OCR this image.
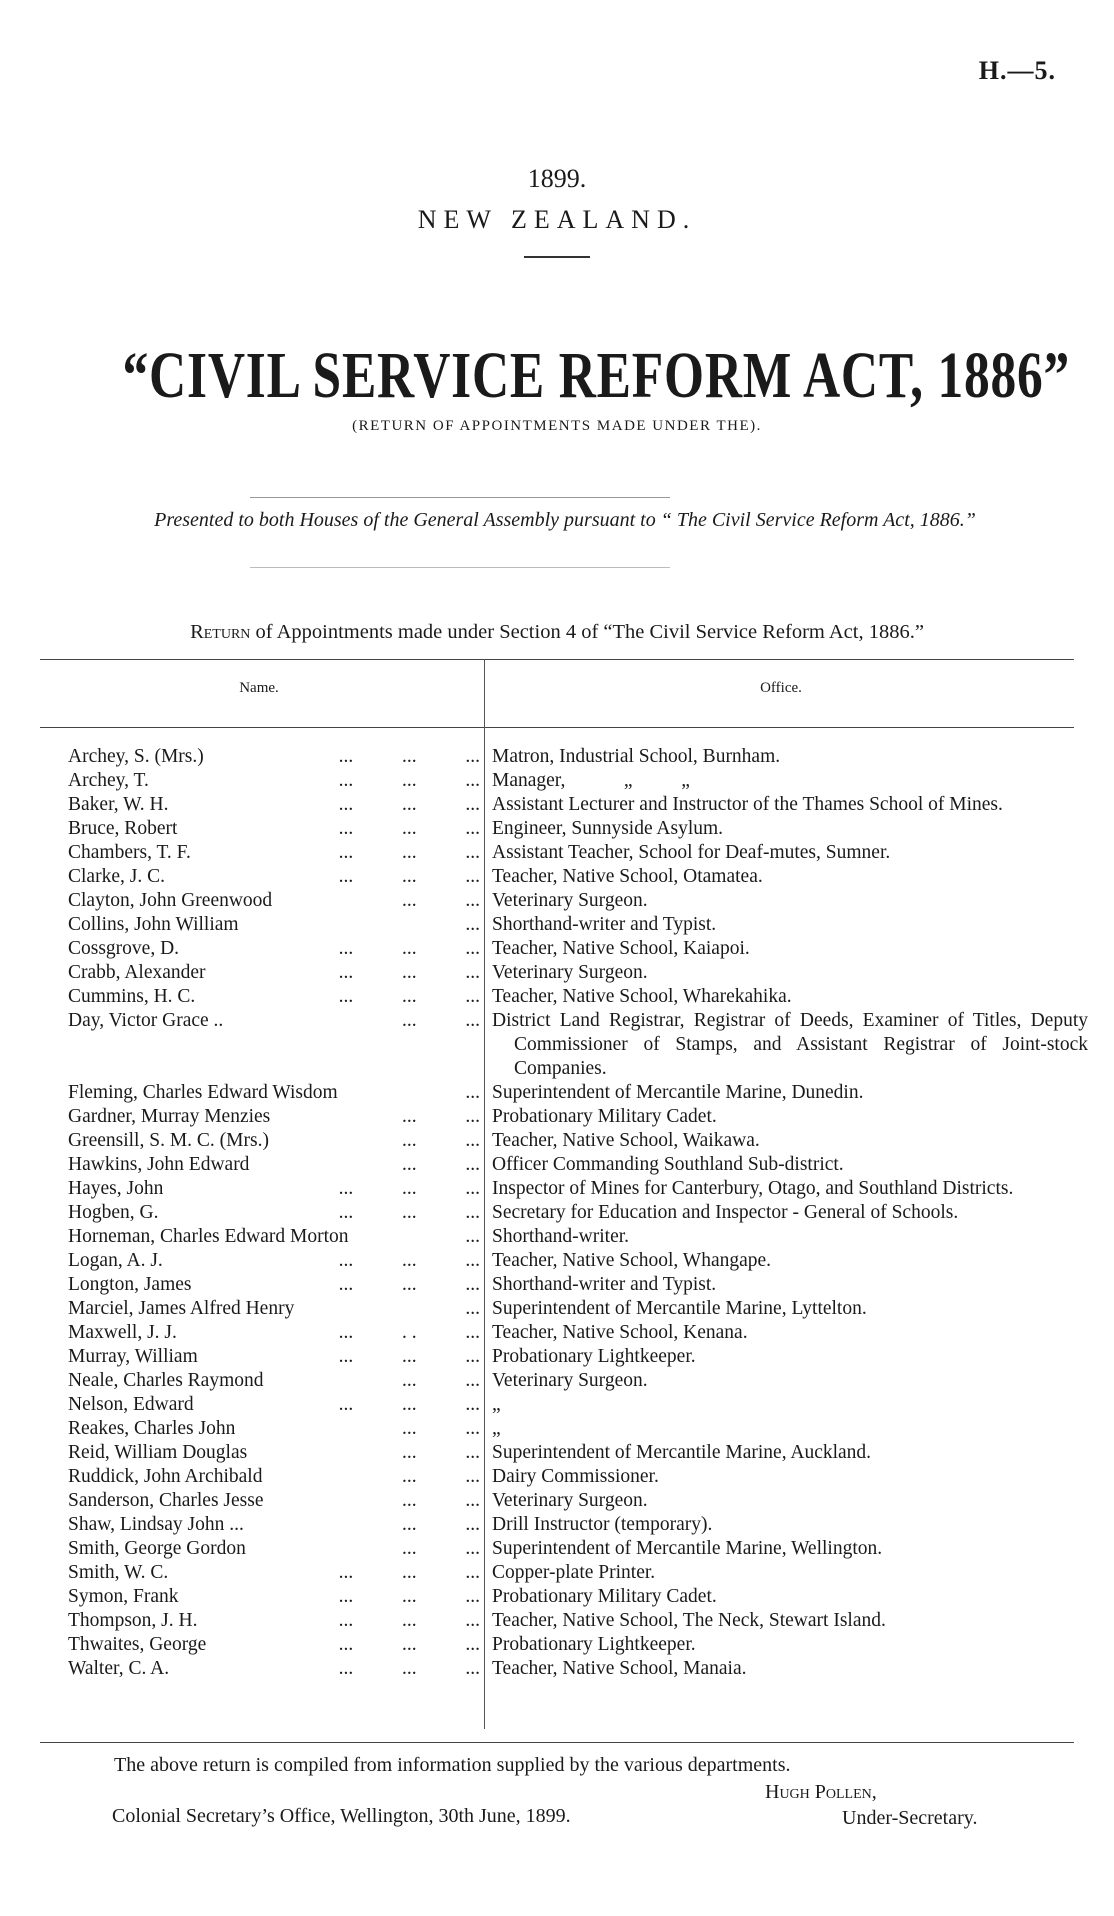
H.—5.
1899.
NEW ZEALAND.
“CIVIL SERVICE REFORM ACT, 1886”
(RETURN OF APPOINTMENTS MADE UNDER THE).
Presented to both Houses of the General Assembly pursuant to “ The Civil Service Reform Act, 1886.”
Return of Appointments made under Section 4 of “The Civil Service Reform Act, 1886.”
Name.	Office.
Archey, S. (Mrs.)	...          ...          ... Matron, Industrial School, Burnham.
Archey, T.	...          ...          ... Manager,            „          „
Baker, W. H.	...          ...          ... Assistant Lecturer and Instructor of the Thames School of Mines.
Bruce, Robert	...          ...          ... Engineer, Sunnyside Asylum.
Chambers, T. F.	...          ...          ... Assistant Teacher, School for Deaf-mutes, Sumner.
Clarke, J. C.	...          ...          ... Teacher, Native School, Otamatea.
Clayton, John Greenwood	...          ... Veterinary Surgeon.
Collins, John William	... Shorthand-writer and Typist.
Cossgrove, D.	...          ...          ... Teacher, Native School, Kaiapoi.
Crabb, Alexander	...          ...          ... Veterinary Surgeon.
Cummins, H. C.	...          ...          ... Teacher, Native School, Wharekahika.
Day, Victor Grace ..	...          ... District Land Registrar, Registrar of Deeds, Examiner of Titles, Deputy Commissioner of Stamps, and Assistant Registrar of Joint-stock Companies.
Fleming, Charles Edward Wisdom	... Superintendent of Mercantile Marine, Dunedin.
Gardner, Murray Menzies	...          ... Probationary Military Cadet.
Greensill, S. M. C. (Mrs.)	...          ... Teacher, Native School, Waikawa.
Hawkins, John Edward	...          ... Officer Commanding Southland Sub-district.
Hayes, John	...          ...          ... Inspector of Mines for Canterbury, Otago, and Southland Districts.
Hogben, G.	...          ...          ... Secretary for Education and Inspector - General of Schools.
Horneman, Charles Edward Morton	... Shorthand-writer.
Logan, A. J.	...          ...          ... Teacher, Native School, Whangape.
Longton, James	...          ...          ... Shorthand-writer and Typist.
Marciel, James Alfred Henry	... Superintendent of Mercantile Marine, Lyttelton.
Maxwell, J. J.	...          . .          ... Teacher, Native School, Kenana.
Murray, William	...          ...          ... Probationary Lightkeeper.
Neale, Charles Raymond	...          ... Veterinary Surgeon.
Nelson, Edward	...          ...          ... „
Reakes, Charles John	...          ... „
Reid, William Douglas	...          ... Superintendent of Mercantile Marine, Auckland.
Ruddick, John Archibald	...          ... Dairy Commissioner.
Sanderson, Charles Jesse	...          ... Veterinary Surgeon.
Shaw, Lindsay John ...	...          ... Drill Instructor (temporary).
Smith, George Gordon	...          ... Superintendent of Mercantile Marine, Wellington.
Smith, W. C.	...          ...          ... Copper-plate Printer.
Symon, Frank	...          ...          ... Probationary Military Cadet.
Thompson, J. H.	...          ...          ... Teacher, Native School, The Neck, Stewart Island.
Thwaites, George	...          ...          ... Probationary Lightkeeper.
Walter, C. A.	...          ...          ... Teacher, Native School, Manaia.
The above return is compiled from information supplied by the various departments.
Hugh Pollen,
Colonial Secretary’s Office, Wellington, 30th June, 1899.	Under-Secretary.
